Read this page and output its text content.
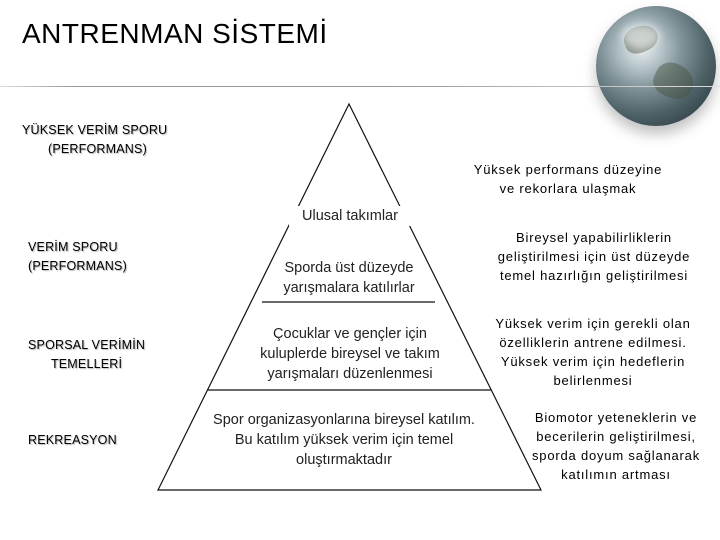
ANTRENMAN SİSTEMİ
YÜKSEK VERİM SPORU
(PERFORMANS)
VERİM SPORU
(PERFORMANS)
SPORSAL VERİMİN
TEMELLERİ
REKREASYON
Ulusal takımlar
Sporda üst düzeyde
yarışmalara katılırlar
Çocuklar ve gençler için
kuluplerde bireysel ve takım
yarışmaları düzenlenmesi
Spor organizasyonlarına bireysel katılım.
Bu katılım yüksek verim için temel
oluştırmaktadır
Yüksek performans düzeyine
ve rekorlara ulaşmak
Bireysel yapabilirliklerin
geliştirilmesi için üst düzeyde
temel hazırlığın geliştirilmesi
Yüksek verim için gerekli olan
özelliklerin antrene edilmesi.
Yüksek verim için hedeflerin
belirlenmesi
Biomotor yeteneklerin ve
becerilerin geliştirilmesi,
sporda doyum sağlanarak
katılımın artması
